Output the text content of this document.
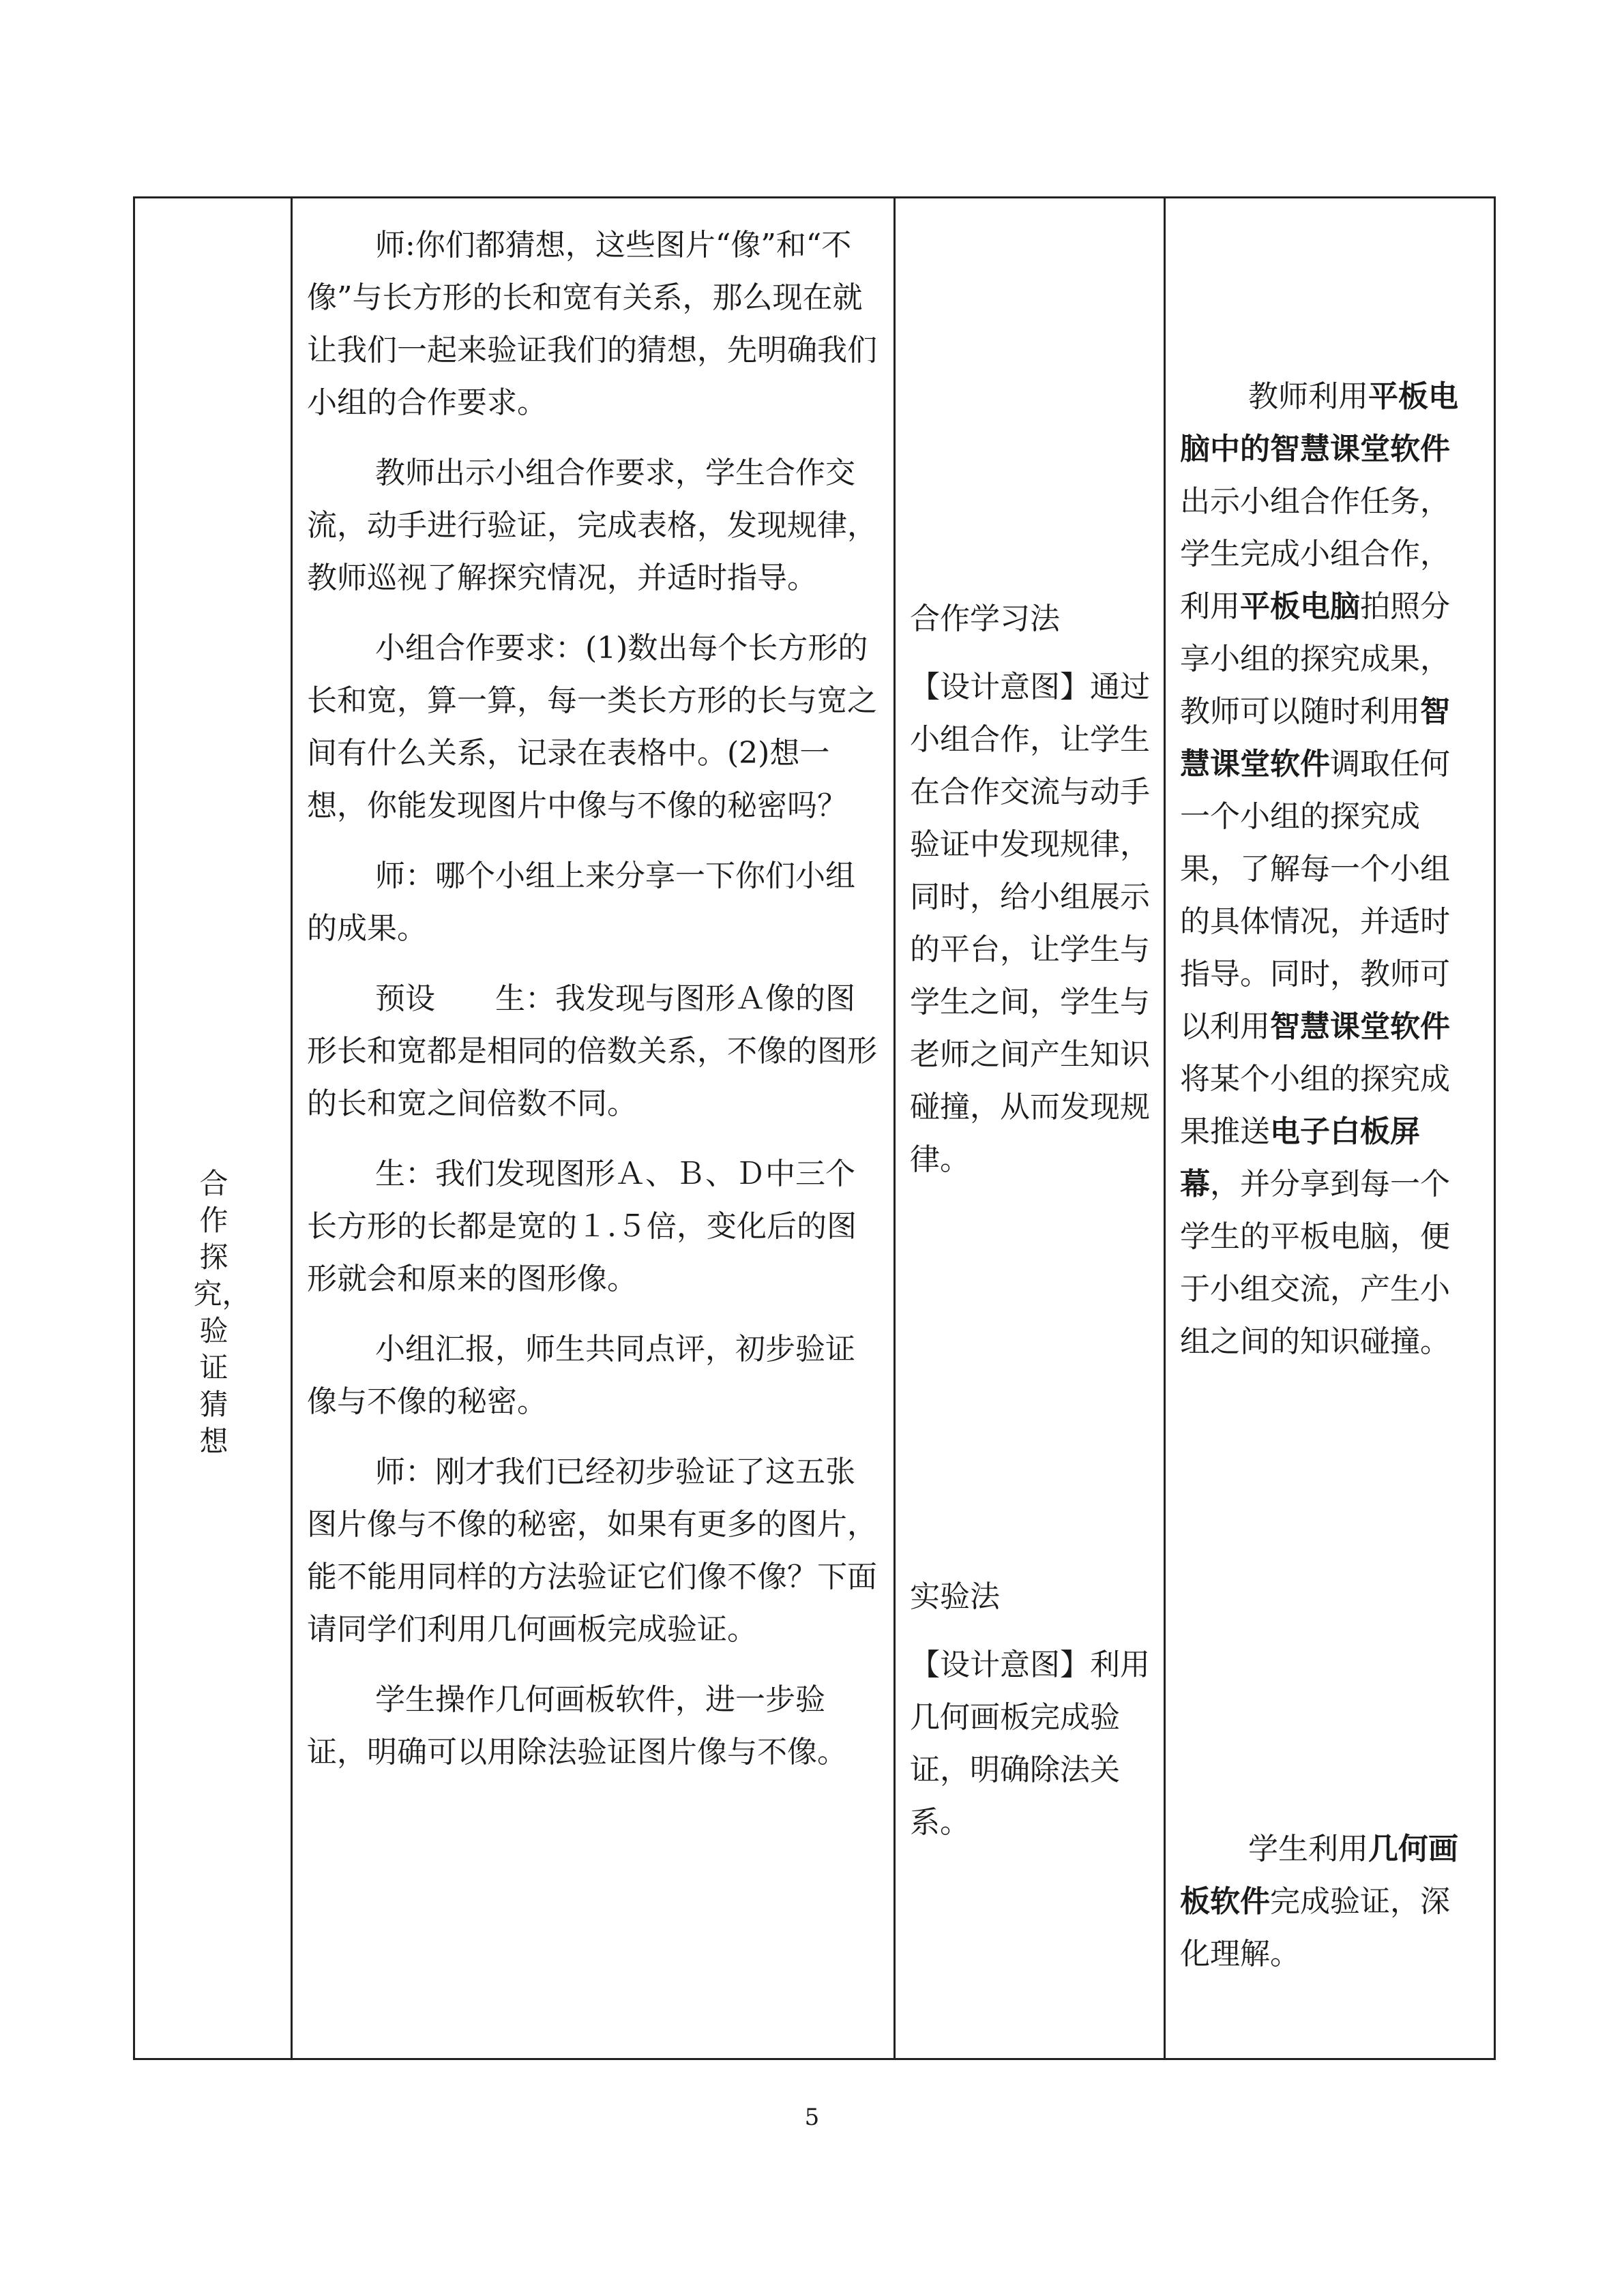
合作探究，验证猜想

师:你们都猜想，这些图片“像”和“不像”与长方形的长和宽有关系，那么现在就让我们一起来验证我们的猜想，先明确我们小组的合作要求。

教师出示小组合作要求，学生合作交流，动手进行验证，完成表格，发现规律，教师巡视了解探究情况，并适时指导。

小组合作要求：(1)数出每个长方形的长和宽，算一算，每一类长方形的长与宽之间有什么关系，记录在表格中。(2)想一想，你能发现图片中像与不像的秘密吗？

师：哪个小组上来分享一下你们小组的成果。

预设　　生：我发现与图形Ａ像的图形长和宽都是相同的倍数关系，不像的图形的长和宽之间倍数不同。

生：我们发现图形Ａ、Ｂ、Ｄ中三个长方形的长都是宽的１.５倍，变化后的图形就会和原来的图形像。

小组汇报，师生共同点评，初步验证像与不像的秘密。

师：刚才我们已经初步验证了这五张图片像与不像的秘密，如果有更多的图片，能不能用同样的方法验证它们像不像？下面请同学们利用几何画板完成验证。

学生操作几何画板软件，进一步验证，明确可以用除法验证图片像与不像。

合作学习法

【设计意图】通过小组合作，让学生在合作交流与动手验证中发现规律，同时，给小组展示的平台，让学生与学生之间，学生与老师之间产生知识碰撞，从而发现规律。

实验法

【设计意图】利用几何画板完成验证，明确除法关系。

教师利用平板电脑中的智慧课堂软件出示小组合作任务，学生完成小组合作，利用平板电脑拍照分享小组的探究成果，教师可以随时利用智慧课堂软件调取任何一个小组的探究成果，了解每一个小组的具体情况，并适时指导。同时，教师可以利用智慧课堂软件将某个小组的探究成果推送电子白板屏幕，并分享到每一个学生的平板电脑，便于小组交流，产生小组之间的知识碰撞。

学生利用几何画板软件完成验证，深化理解。

5
